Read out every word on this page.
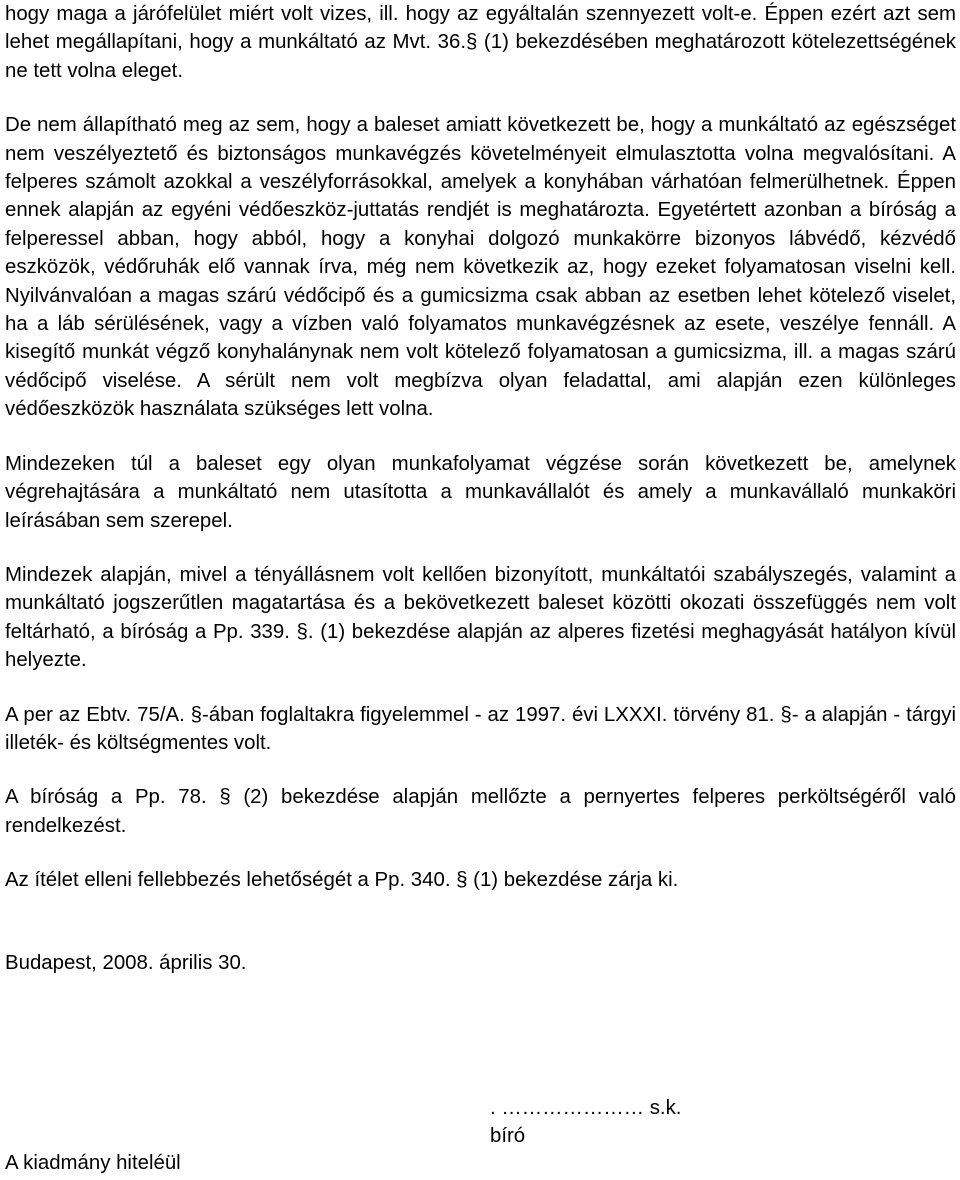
hogy maga a járófelület miért volt vizes, ill. hogy az egyáltalán szennyezett volt-e. Éppen ezért azt sem lehet megállapítani, hogy a munkáltató az Mvt. 36.§ (1) bekezdésében meghatározott kötelezettségének ne tett volna eleget.

De nem állapítható meg az sem, hogy a baleset amiatt következett be, hogy a munkáltató az egészséget nem veszélyeztető és biztonságos munkavégzés követelményeit elmulasztotta volna megvalósítani. A felperes számolt azokkal a veszélyforrásokkal, amelyek a konyhában várhatóan felmerülhetnek. Éppen ennek alapján az egyéni védőeszköz-juttatás rendjét is meghatározta. Egyetértett azonban a bíróság a felperessel abban, hogy abból, hogy a konyhai dolgozó munkakörre bizonyos lábvédő, kézvédő eszközök, védőruhák elő vannak írva, még nem következik az, hogy ezeket folyamatosan viselni kell. Nyilvánvalóan a magas szárú védőcipő és a gumicsizma csak abban az esetben lehet kötelező viselet, ha a láb sérülésének, vagy a vízben való folyamatos munkavégzésnek az esete, veszélye fennáll. A kisegítő munkát végző konyhalánynak nem volt kötelező folyamatosan a gumicsizma, ill. a magas szárú védőcipő viselése. A sérült nem volt megbízva olyan feladattal, ami alapján ezen különleges védőeszközök használata szükséges lett volna.

Mindezeken túl a baleset egy olyan munkafolyamat végzése során következett be, amelynek végrehajtására a munkáltató nem utasította a munkavállalót és amely a munkavállaló munkaköri leírásában sem szerepel.

Mindezek alapján, mivel a tényállásnem volt kellően bizonyított, munkáltatói szabályszegés, valamint a munkáltató jogszerűtlen magatartása és a bekövetkezett baleset közötti okozati összefüggés nem volt feltárható, a bíróság a Pp. 339. §. (1) bekezdése alapján az alperes fizetési meghagyását hatályon kívül helyezte.

A per az Ebtv. 75/A. §-ában foglaltakra figyelemmel - az 1997. évi LXXXI. törvény 81. §- a alapján - tárgyi illeték- és költségmentes volt.

A bíróság a Pp. 78. § (2) bekezdése alapján mellőzte a pernyertes felperes perköltségéről való rendelkezést.

Az ítélet elleni fellebbezés lehetőségét a Pp. 340. § (1) bekezdése zárja ki.

Budapest, 2008. április 30.

. ………………… s.k.
bíró
A kiadmány hiteléül
